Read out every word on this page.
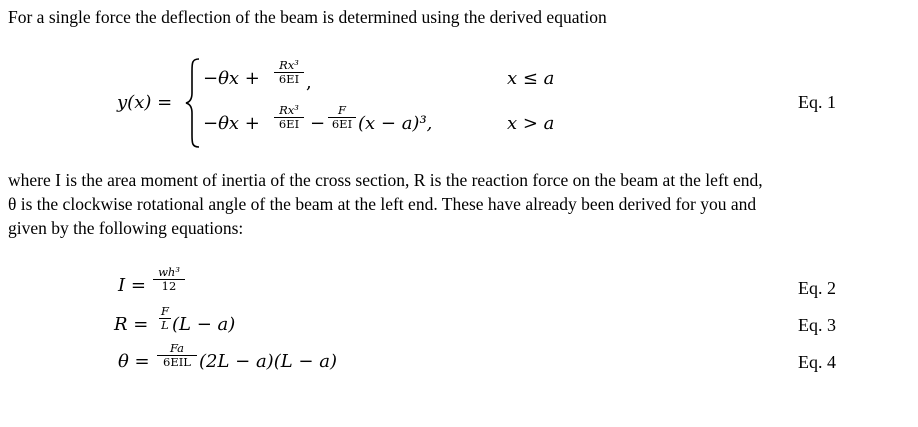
For a single force the deflection of the beam is determined using the derived equation
y(x) =
−θx +
Rx³
6EI ,	x ≤ a
−θx +
Rx³
6EI −
F
6EI (x − a)³,	x > a
Eq. 1
where I is the area moment of inertia of the cross section, R is the reaction force on the beam at the left end,
θ is the clockwise rotational angle of the beam at the left end. These have already been derived for you and
given by the following equations:
I =
wh³
12	Eq. 2
R =
F
L (L − a)	Eq. 3
θ =
Fa
6EIL (2L − a)(L − a)	Eq. 4
